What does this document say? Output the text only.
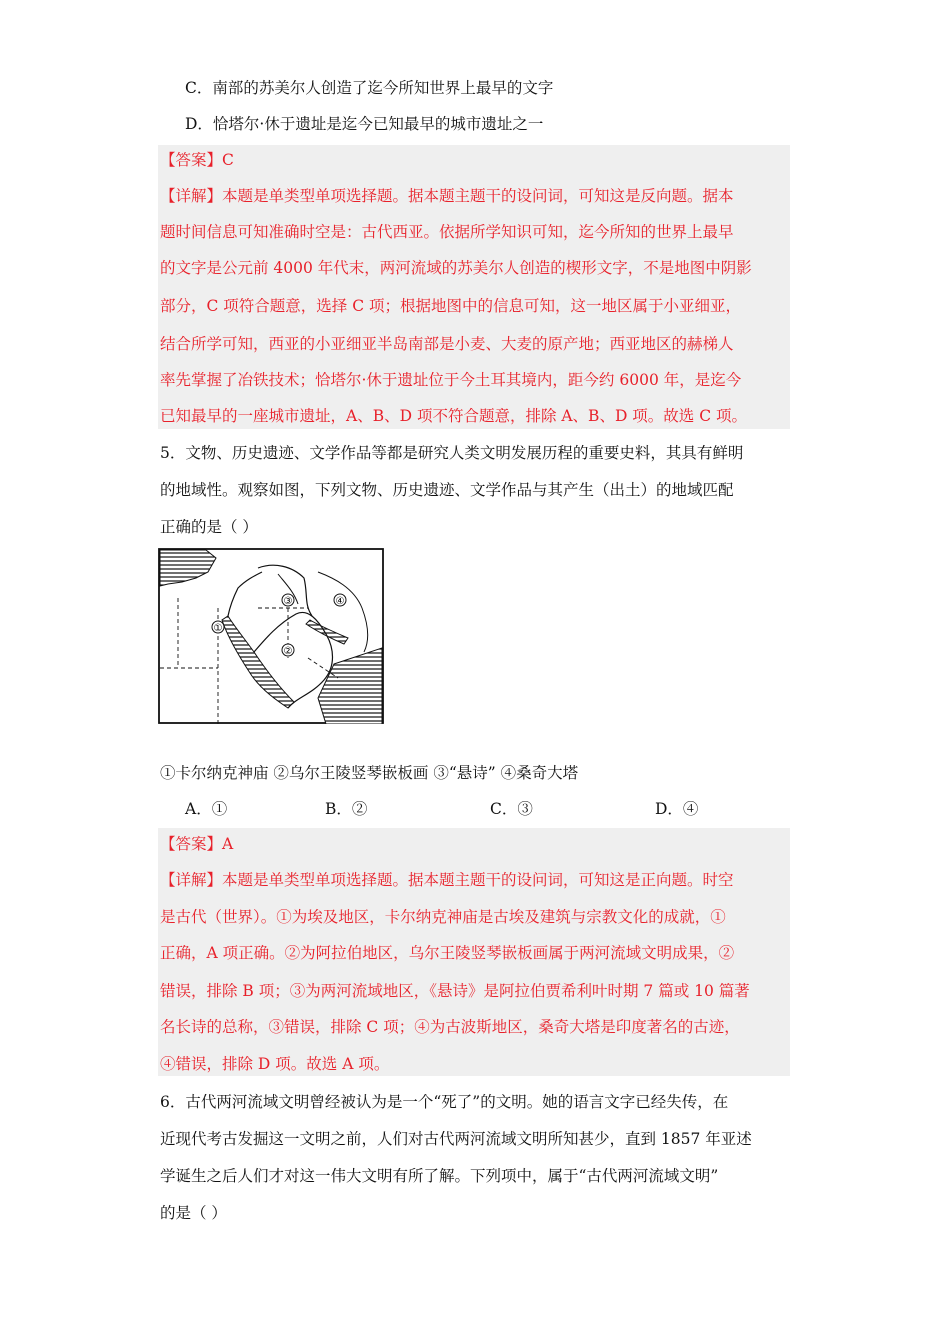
C．南部的苏美尔人创造了迄今所知世界上最早的文字
D．恰塔尔·休于遗址是迄今已知最早的城市遗址之一
【答案】C
【详解】本题是单类型单项选择题。据本题主题干的设问词，可知这是反向题。据本
题时间信息可知准确时空是：古代西亚。依据所学知识可知，迄今所知的世界上最早
的文字是公元前 4000 年代末，两河流域的苏美尔人创造的楔形文字，不是地图中阴影
部分，C 项符合题意，选择 C 项；根据地图中的信息可知，这一地区属于小亚细亚，
结合所学可知，西亚的小亚细亚半岛南部是小麦、大麦的原产地；西亚地区的赫梯人
率先掌握了冶铁技术；恰塔尔·休于遗址位于今土耳其境内，距今约 6000 年，是迄今
已知最早的一座城市遗址，A、B、D 项不符合题意，排除 A、B、D 项。故选 C 项。
5．文物、历史遗迹、文学作品等都是研究人类文明发展历程的重要史料，其具有鲜明
的地域性。观察如图，下列文物、历史遗迹、文学作品与其产生（出土）的地域匹配
正确的是（ ）
①
②
③	④
①卡尔纳克神庙 ②乌尔王陵竖琴嵌板画 ③“悬诗” ④桑奇大塔
A．①	B．②	C．③	D．④
【答案】A
【详解】本题是单类型单项选择题。据本题主题干的设问词，可知这是正向题。时空
是古代（世界）。①为埃及地区，卡尔纳克神庙是古埃及建筑与宗教文化的成就，①
正确，A 项正确。②为阿拉伯地区，乌尔王陵竖琴嵌板画属于两河流域文明成果，②
错误，排除 B 项；③为两河流域地区，《悬诗》是阿拉伯贾希利叶时期 7 篇或 10 篇著
名长诗的总称，③错误，排除 C 项；④为古波斯地区，桑奇大塔是印度著名的古迹，
④错误，排除 D 项。故选 A 项。
6．古代两河流域文明曾经被认为是一个“死了”的文明。她的语言文字已经失传，在
近现代考古发掘这一文明之前，人们对古代两河流域文明所知甚少，直到 1857 年亚述
学诞生之后人们才对这一伟大文明有所了解。下列项中，属于“古代两河流域文明”
的是（ ）
